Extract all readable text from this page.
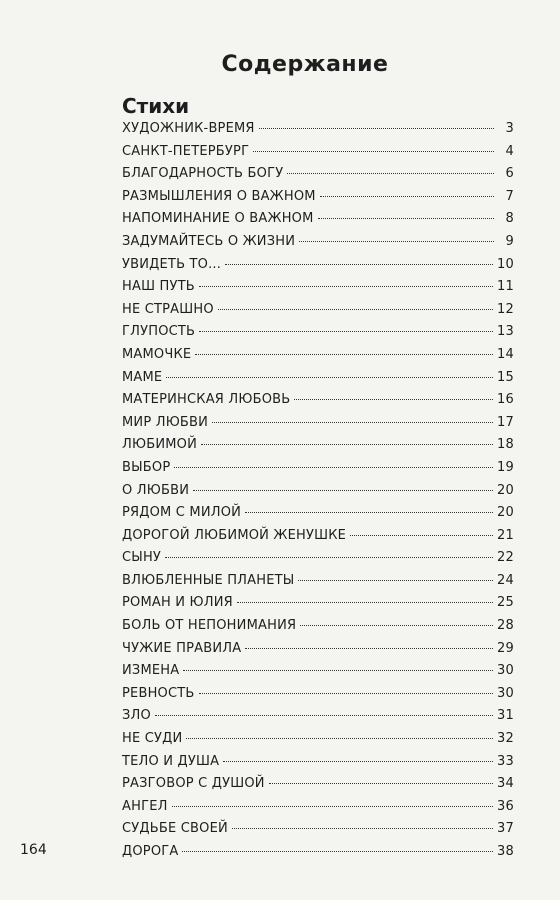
Содержание
Стихи
ХУДОЖНИК-ВРЕМЯ	3
САНКТ-ПЕТЕРБУРГ	4
БЛАГОДАРНОСТЬ БОГУ	6
РАЗМЫШЛЕНИЯ О ВАЖНОМ	7
НАПОМИНАНИЕ О ВАЖНОМ	8
ЗАДУМАЙТЕСЬ О ЖИЗНИ	9
УВИДЕТЬ ТО...	10
НАШ ПУТЬ	11
НЕ СТРАШНО	12
ГЛУПОСТЬ	13
МАМОЧКЕ	14
МАМЕ	15
МАТЕРИНСКАЯ ЛЮБОВЬ	16
МИР ЛЮБВИ	17
ЛЮБИМОЙ	18
ВЫБОР	19
О ЛЮБВИ	20
РЯДОМ С МИЛОЙ	20
ДОРОГОЙ ЛЮБИМОЙ ЖЕНУШКЕ	21
СЫНУ	22
ВЛЮБЛЕННЫЕ ПЛАНЕТЫ	24
РОМАН И ЮЛИЯ	25
БОЛЬ ОТ НЕПОНИМАНИЯ	28
ЧУЖИЕ ПРАВИЛА	29
ИЗМЕНА	30
РЕВНОСТЬ	30
ЗЛО	31
НЕ СУДИ	32
ТЕЛО И ДУША	33
РАЗГОВОР С ДУШОЙ	34
АНГЕЛ	36
СУДЬБЕ СВОЕЙ	37
ДОРОГА	38
164
